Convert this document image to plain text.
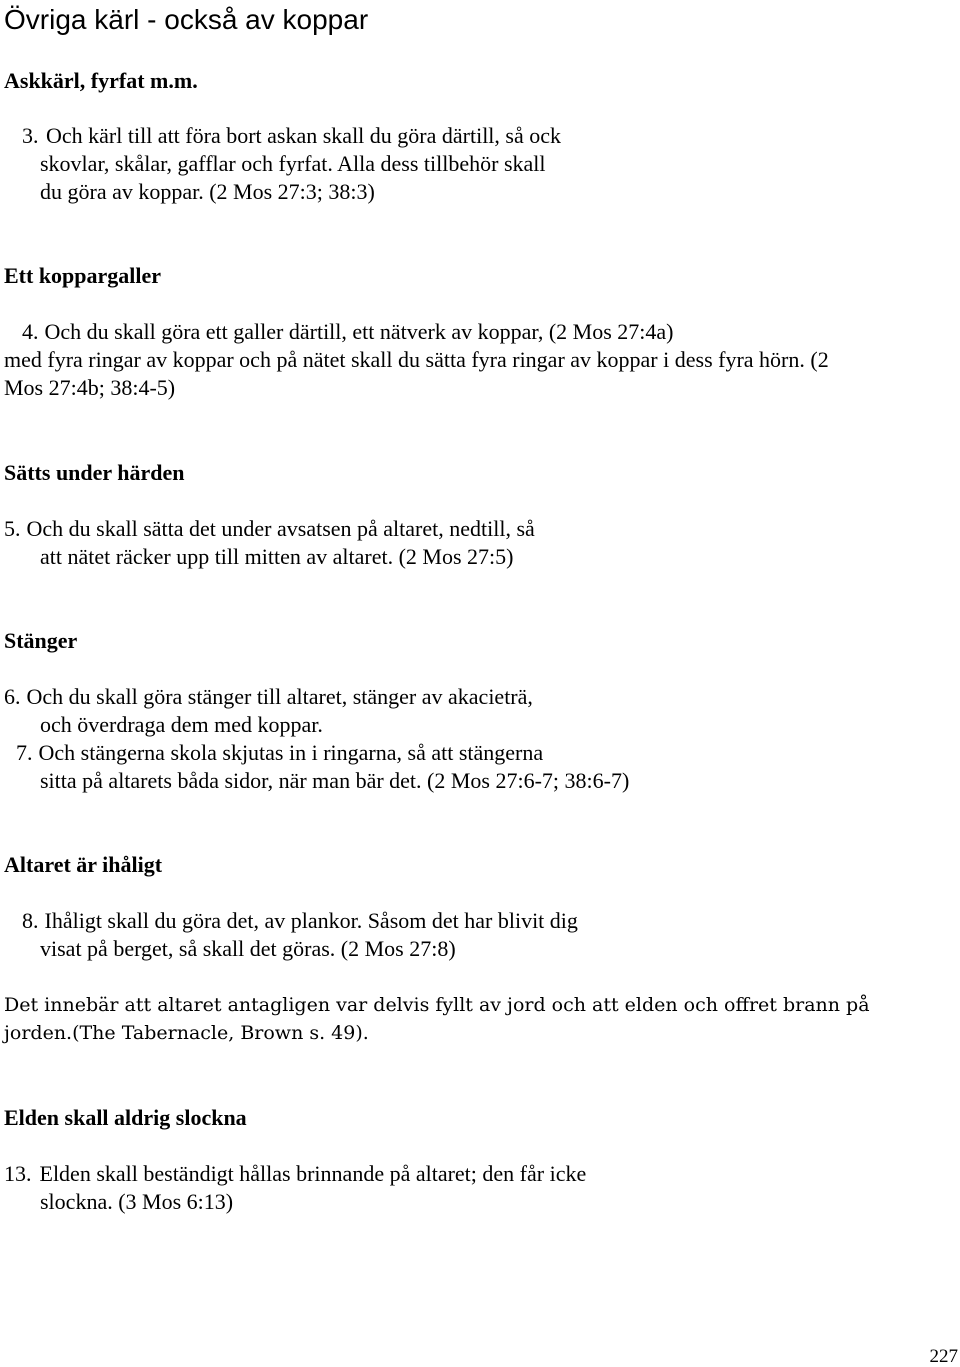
Övriga kärl - också av koppar
Askkärl, fyrfat m.m.
3. Och kärl till att föra bort askan skall du göra därtill, så ock
skovlar, skålar, gafflar och fyrfat. Alla dess tillbehör skall
du göra av koppar. (2 Mos 27:3; 38:3)
Ett koppargaller
4. Och du skall göra ett galler därtill, ett nätverk av koppar, (2 Mos 27:4a)
med fyra ringar av koppar och på nätet skall du sätta fyra ringar av koppar i dess fyra hörn. (2
Mos 27:4b; 38:4-5)
Sätts under härden
5. Och du skall sätta det under avsatsen på altaret, nedtill, så
att nätet räcker upp till mitten av altaret. (2 Mos 27:5)
Stänger
6. Och du skall göra stänger till altaret, stänger av akacieträ,
och överdraga dem med koppar.
7. Och stängerna skola skjutas in i ringarna, så att stängerna
sitta på altarets båda sidor, när man bär det. (2 Mos 27:6-7; 38:6-7)
Altaret är ihåligt
8. Ihåligt skall du göra det, av plankor. Såsom det har blivit dig
visat på berget, så skall det göras. (2 Mos 27:8)
Det innebär att altaret antagligen var delvis fyllt av jord och att elden och offret brann på
jorden.(The Tabernacle, Brown s. 49).
Elden skall aldrig slockna
13. Elden skall beständigt hållas brinnande på altaret; den får icke
slockna. (3 Mos 6:13)
227
